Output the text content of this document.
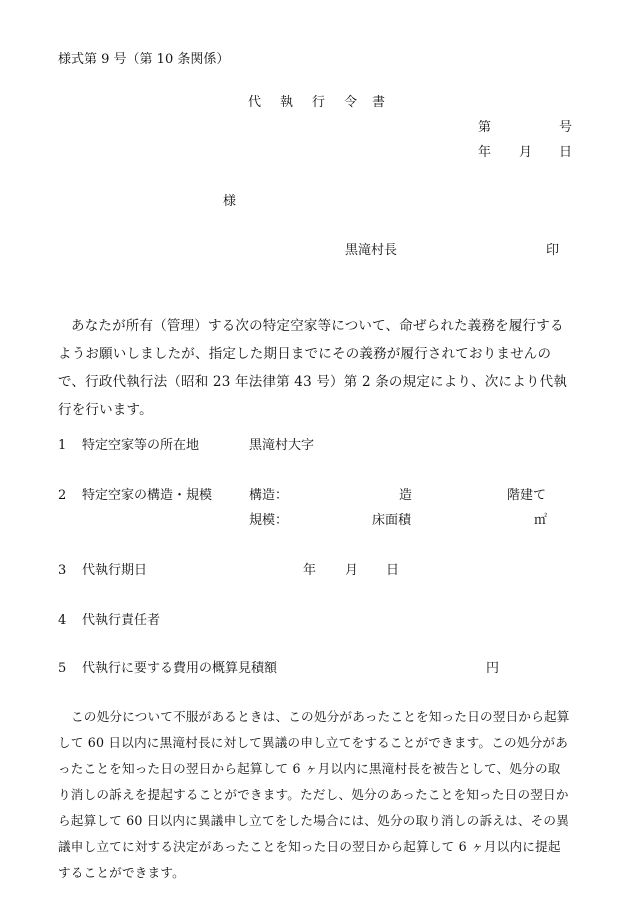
様式第 9 号（第 10 条関係）
代 執 行 令 書
第	号
年 月 日
様
黒滝村長	印
あなたが所有（管理）する次の特定空家等について、命ぜられた義務を履行するようお願いしましたが、指定した期日までにその義務が履行されておりませんので、行政代執行法（昭和 23 年法律第 43 号）第 2 条の規定により、次により代執行を行います。
1 特定空家等の所在地	黒滝村大字
2 特定空家の構造・規模	構造：	造	階建て
規模：	床面積	㎡
3 代執行期日	年 月 日
4 代執行責任者
5 代執行に要する費用の概算見積額	円
この処分について不服があるときは、この処分があったことを知った日の翌日から起算して 60 日以内に黒滝村長に対して異議の申し立てをすることができます。この処分があったことを知った日の翌日から起算して 6 ヶ月以内に黒滝村長を被告として、処分の取り消しの訴えを提起することができます。ただし、処分のあったことを知った日の翌日から起算して 60 日以内に異議申し立てをした場合には、処分の取り消しの訴えは、その異議申し立てに対する決定があったことを知った日の翌日から起算して 6 ヶ月以内に提起することができます。
